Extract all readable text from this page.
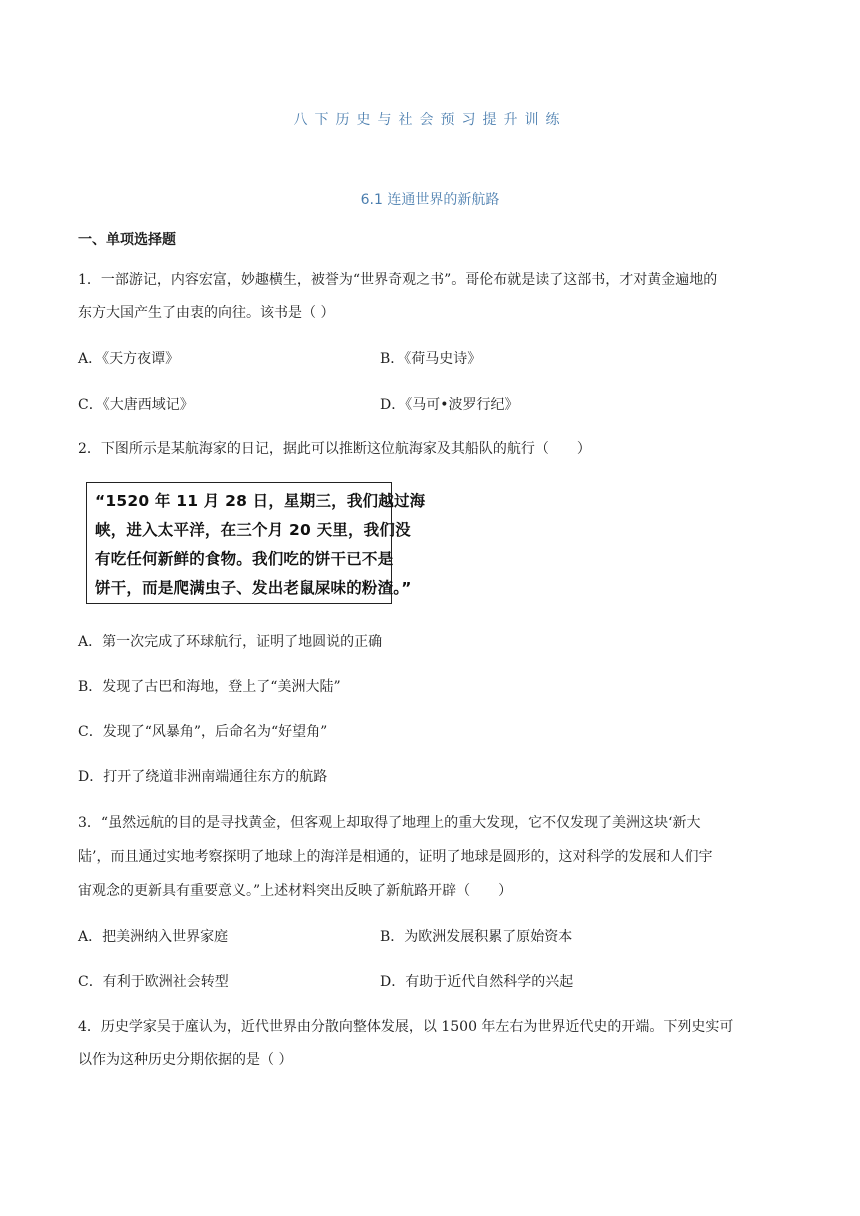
八下历史与社会预习提升训练
6.1 连通世界的新航路
一、单项选择题
1．一部游记，内容宏富，妙趣横生，被誉为“世界奇观之书”。哥伦布就是读了这部书，才对黄金遍地的
东方大国产生了由衷的向往。该书是（ ）
A．《天方夜谭》	B．《荷马史诗》
C．《大唐西域记》	D．《马可•波罗行纪》
2．下图所示是某航海家的日记，据此可以推断这位航海家及其船队的航行（　　）
“1520 年 11 月 28 日，星期三，我们越过海
峡，进入太平洋，在三个月 20 天里，我们没
有吃任何新鲜的食物。我们吃的饼干已不是
饼干，而是爬满虫子、发出老鼠屎味的粉渣。”
A．第一次完成了环球航行，证明了地圆说的正确
B．发现了古巴和海地，登上了“美洲大陆”
C．发现了“风暴角”，后命名为“好望角”
D．打开了绕道非洲南端通往东方的航路
3．“虽然远航的目的是寻找黄金，但客观上却取得了地理上的重大发现，它不仅发现了美洲这块‘新大
陆’，而且通过实地考察探明了地球上的海洋是相通的，证明了地球是圆形的，这对科学的发展和人们宇
宙观念的更新具有重要意义。”上述材料突出反映了新航路开辟（　　）
A．把美洲纳入世界家庭	B．为欧洲发展积累了原始资本
C．有利于欧洲社会转型	D．有助于近代自然科学的兴起
4．历史学家吴于廑认为，近代世界由分散向整体发展，以 1500 年左右为世界近代史的开端。下列史实可
以作为这种历史分期依据的是（ ）
